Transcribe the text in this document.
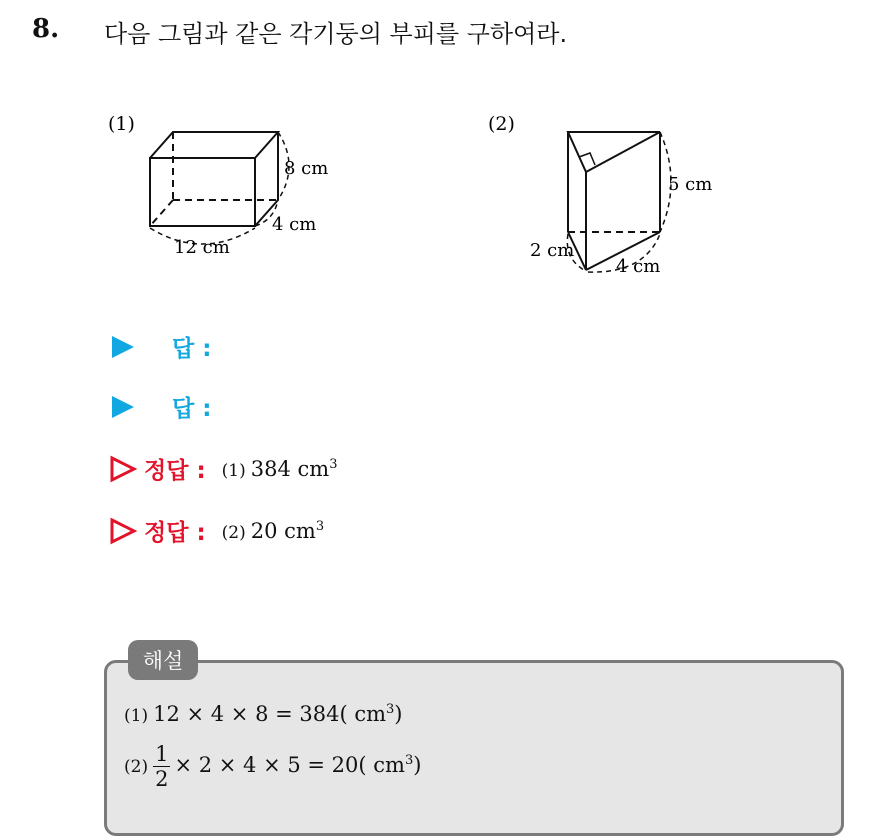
8. 다음 그림과 같은 각기둥의 부피를 구하여라.
(1)
12 cm
4 cm
8 cm
(2)
5 cm
2 cm
4 cm
답 :
답 :
정답 : (1) 384 $cm^3$
정답 : (2) 20 $cm^3$
해설
(1) 12 × 4 × 8 = 384( $cm^3$)
$(2) \frac{1}{2} \times 2 \times 4 \times 5 = 20$( $cm^3$)
